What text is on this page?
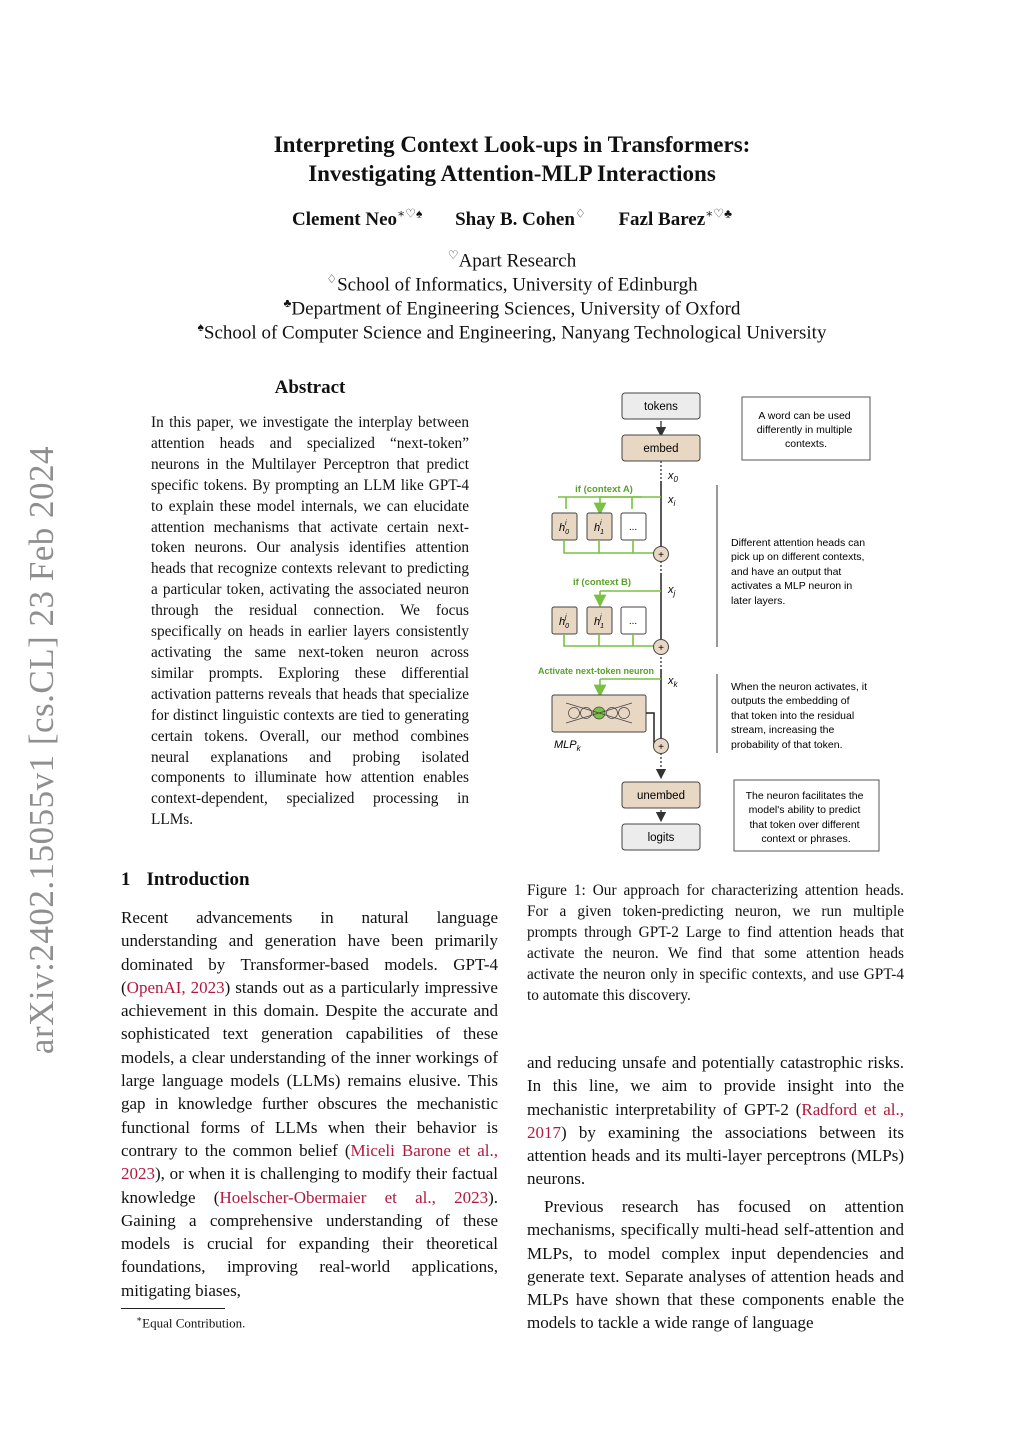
Interpreting Context Look-ups in Transformers:
Investigating Attention-MLP Interactions
Clement Neo∗♡♠ Shay B. Cohen♢ Fazl Barez∗♡♣
♡Apart Research
♢School of Informatics, University of Edinburgh
♣Department of Engineering Sciences, University of Oxford
♠School of Computer Science and Engineering, Nanyang Technological University
arXiv:2402.15055v1 [cs.CL] 23 Feb 2024
Abstract
In this paper, we investigate the interplay between attention heads and specialized “next-token” neurons in the Multilayer Perceptron that predict specific tokens. By prompting an LLM like GPT-4 to explain these model internals, we can elucidate attention mechanisms that activate certain next-token neurons. Our analysis identifies attention heads that recognize contexts relevant to predicting a particular token, activating the associated neuron through the residual connection. We focus specifically on heads in earlier layers consistently activating the same next-token neuron across similar prompts. Exploring these differential activation patterns reveals that heads that specialize for distinct linguistic contexts are tied to generating certain tokens. Overall, our method combines neural explanations and probing isolated components to illuminate how attention enables context-dependent, specialized processing in LLMs.
1 Introduction
Recent advancements in natural language understanding and generation have been primarily dominated by Transformer-based models. GPT-4 (OpenAI, 2023) stands out as a particularly impressive achievement in this domain. Despite the accurate and sophisticated text generation capabilities of these models, a clear understanding of the inner workings of large language models (LLMs) remains elusive. This gap in knowledge further obscures the mechanistic functional forms of LLMs when their behavior is contrary to the common belief (Miceli Barone et al., 2023), or when it is challenging to modify their factual knowledge (Hoelscher-Obermaier et al., 2023). Gaining a comprehensive understanding of these models is crucial for expanding their theoretical foundations, improving real-world applications, mitigating biases,
∗Equal Contribution.
tokens
embed
$x_0$
$x_i$
$x_j$
$x_k$
if (context A)
$h_0i$ $h_1i$	...
+
if (context B)
$h_0j$ $h_1j$	...
+
Activate next-token neuron
$MLP_k$	+
unembed
logits
A word can be used differently in multiple contexts.
Different attention heads can pick up on different contexts, and have an output that activates a MLP neuron in later layers.
When the neuron activates, it outputs the embedding of that token into the residual stream, increasing the probability of that token.
The neuron facilitates the model's ability to predict that token over different context or phrases.
Figure 1: Our approach for characterizing attention heads. For a given token-predicting neuron, we run multiple prompts through GPT-2 Large to find attention heads that activate the neuron. We find that some attention heads activate the neuron only in specific contexts, and use GPT-4 to automate this discovery.
and reducing unsafe and potentially catastrophic risks. In this line, we aim to provide insight into the mechanistic interpretability of GPT-2 (Radford et al., 2017) by examining the associations between its attention heads and its multi-layer perceptrons (MLPs) neurons.
Previous research has focused on attention mechanisms, specifically multi-head self-attention and MLPs, to model complex input dependencies and generate text. Separate analyses of attention heads and MLPs have shown that these components enable the models to tackle a wide range of language
